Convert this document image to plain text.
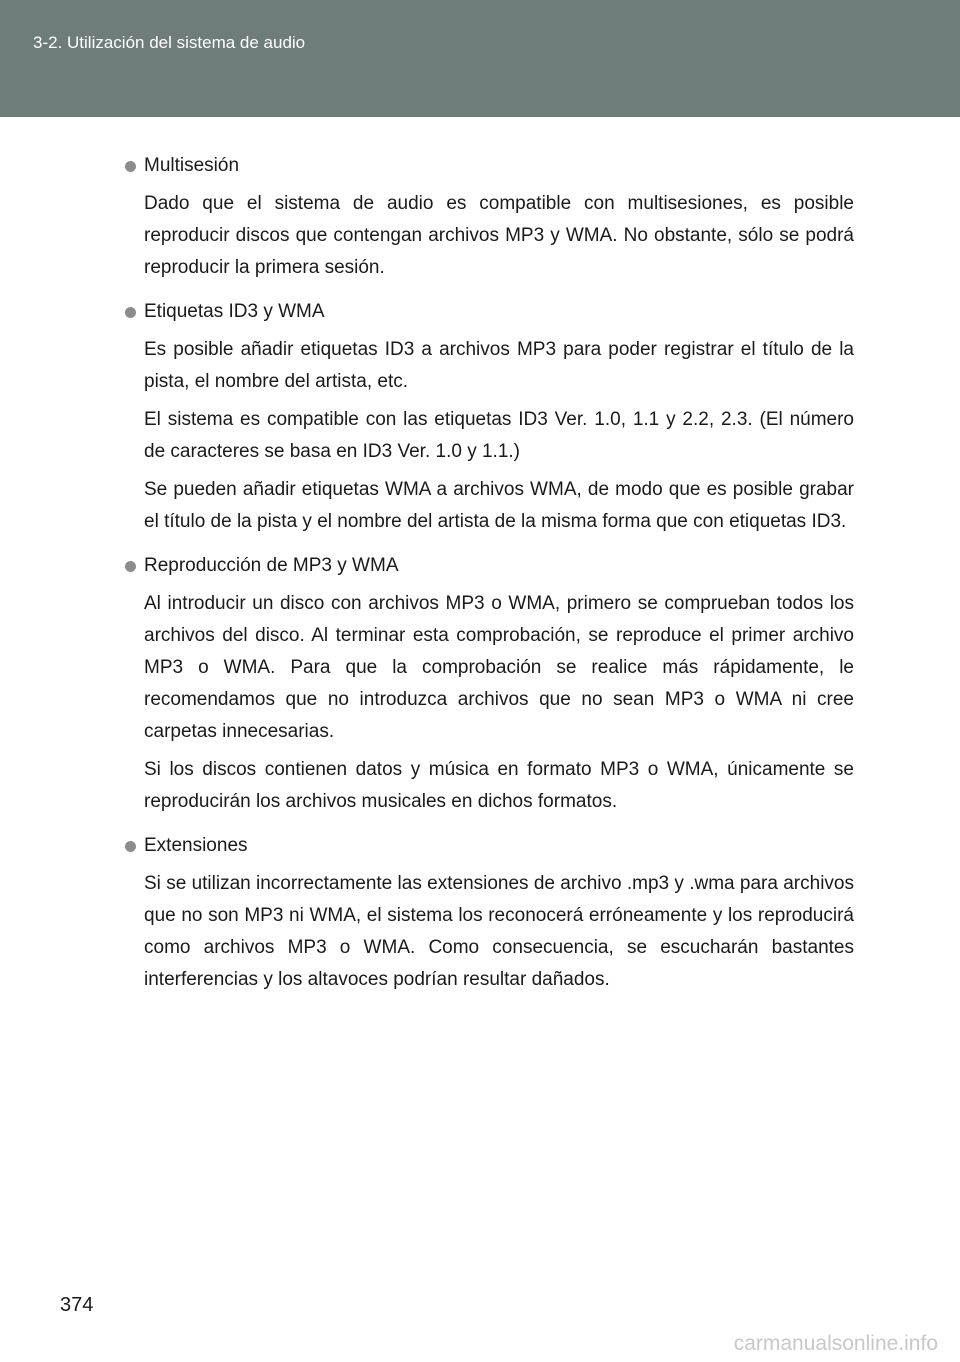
3-2. Utilización del sistema de audio
Multisesión

Dado que el sistema de audio es compatible con multisesiones, es posible reproducir discos que contengan archivos MP3 y WMA. No obstante, sólo se podrá reproducir la primera sesión.

Etiquetas ID3 y WMA

Es posible añadir etiquetas ID3 a archivos MP3 para poder registrar el título de la pista, el nombre del artista, etc.

El sistema es compatible con las etiquetas ID3 Ver. 1.0, 1.1 y 2.2, 2.3. (El número de caracteres se basa en ID3 Ver. 1.0 y 1.1.)

Se pueden añadir etiquetas WMA a archivos WMA, de modo que es posible grabar el título de la pista y el nombre del artista de la misma forma que con etiquetas ID3.

Reproducción de MP3 y WMA

Al introducir un disco con archivos MP3 o WMA, primero se comprueban todos los archivos del disco. Al terminar esta comprobación, se reproduce el primer archivo MP3 o WMA. Para que la comprobación se realice más rápidamente, le recomendamos que no introduzca archivos que no sean MP3 o WMA ni cree carpetas innecesarias.

Si los discos contienen datos y música en formato MP3 o WMA, únicamente se reproducirán los archivos musicales en dichos formatos.

Extensiones

Si se utilizan incorrectamente las extensiones de archivo .mp3 y .wma para archivos que no son MP3 ni WMA, el sistema los reconocerá erróneamente y los reproducirá como archivos MP3 o WMA. Como consecuencia, se escucharán bastantes interferencias y los altavoces podrían resultar dañados.

374
carmanualsonline.info
